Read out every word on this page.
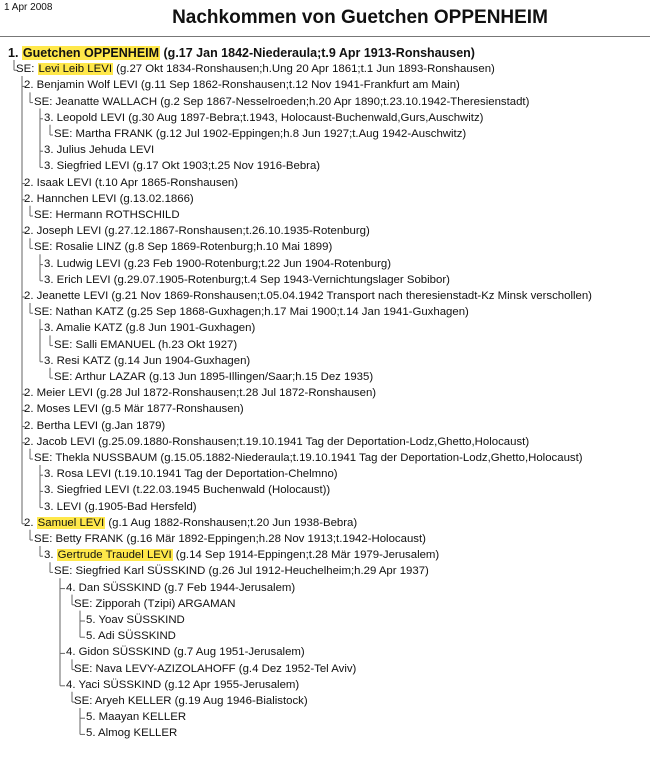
1 Apr 2008	Nachkommen von Guetchen OPPENHEIM
1. Guetchen OPPENHEIM (g.17 Jan 1842-Niederaula;t.9 Apr 1913-Ronshausen)
SE: Levi Leib LEVI (g.27 Okt 1834-Ronshausen;h.Ung 20 Apr 1861;t.1 Jun 1893-Ronshausen)
2. Benjamin Wolf LEVI (g.11 Sep 1862-Ronshausen;t.12 Nov 1941-Frankfurt am Main)
SE: Jeanatte WALLACH (g.2 Sep 1867-Nesselroeden;h.20 Apr 1890;t.23.10.1942-Theresienstadt)
3. Leopold LEVI (g.30 Aug 1897-Bebra;t.1943, Holocaust-Buchenwald,Gurs,Auschwitz)
SE: Martha FRANK (g.12 Jul 1902-Eppingen;h.8 Jun 1927;t.Aug 1942-Auschwitz)
3. Julius Jehuda LEVI
3. Siegfried LEVI (g.17 Okt 1903;t.25 Nov 1916-Bebra)
2. Isaak LEVI (t.10 Apr 1865-Ronshausen)
2. Hannchen LEVI (g.13.02.1866)
SE: Hermann ROTHSCHILD
2. Joseph LEVI (g.27.12.1867-Ronshausen;t.26.10.1935-Rotenburg)
SE: Rosalie LINZ (g.8 Sep 1869-Rotenburg;h.10 Mai 1899)
3. Ludwig LEVI (g.23 Feb 1900-Rotenburg;t.22 Jun 1904-Rotenburg)
3. Erich LEVI (g.29.07.1905-Rotenburg;t.4 Sep 1943-Vernichtungslager Sobibor)
2. Jeanette LEVI (g.21 Nov 1869-Ronshausen;t.05.04.1942 Transport nach theresienstadt-Kz Minsk verschollen)
SE: Nathan KATZ (g.25 Sep 1868-Guxhagen;h.17 Mai 1900;t.14 Jan 1941-Guxhagen)
3. Amalie KATZ (g.8 Jun 1901-Guxhagen)
SE: Salli EMANUEL (h.23 Okt 1927)
3. Resi KATZ (g.14 Jun 1904-Guxhagen)
SE: Arthur LAZAR (g.13 Jun 1895-Illingen/Saar;h.15 Dez 1935)
2. Meier LEVI (g.28 Jul 1872-Ronshausen;t.28 Jul 1872-Ronshausen)
2. Moses LEVI (g.5 Mär 1877-Ronshausen)
2. Bertha LEVI (g.Jan 1879)
2. Jacob LEVI (g.25.09.1880-Ronshausen;t.19.10.1941 Tag der Deportation-Lodz,Ghetto,Holocaust)
SE: Thekla NUSSBAUM (g.15.05.1882-Niederaula;t.19.10.1941 Tag der Deportation-Lodz,Ghetto,Holocaust)
3. Rosa LEVI (t.19.10.1941 Tag der Deportation-Chelmno)
3. Siegfried LEVI (t.22.03.1945 Buchenwald (Holocaust))
3. LEVI (g.1905-Bad Hersfeld)
2. Samuel LEVI (g.1 Aug 1882-Ronshausen;t.20 Jun 1938-Bebra)
SE: Betty FRANK (g.16 Mär 1892-Eppingen;h.28 Nov 1913;t.1942-Holocaust)
3. Gertrude Traudel LEVI (g.14 Sep 1914-Eppingen;t.28 Mär 1979-Jerusalem)
SE: Siegfried Karl SÜSSKIND (g.26 Jul 1912-Heuchelheim;h.29 Apr 1937)
4. Dan SÜSSKIND (g.7 Feb 1944-Jerusalem)
SE: Zipporah (Tzipi) ARGAMAN
5. Yoav SÜSSKIND
5. Adi SÜSSKIND
4. Gidon SÜSSKIND (g.7 Aug 1951-Jerusalem)
SE: Nava LEVY-AZIZOLAHOFF (g.4 Dez 1952-Tel Aviv)
4. Yaci SÜSSKIND (g.12 Apr 1955-Jerusalem)
SE: Aryeh KELLER (g.19 Aug 1946-Bialistock)
5. Maayan KELLER
5. Almog KELLER
